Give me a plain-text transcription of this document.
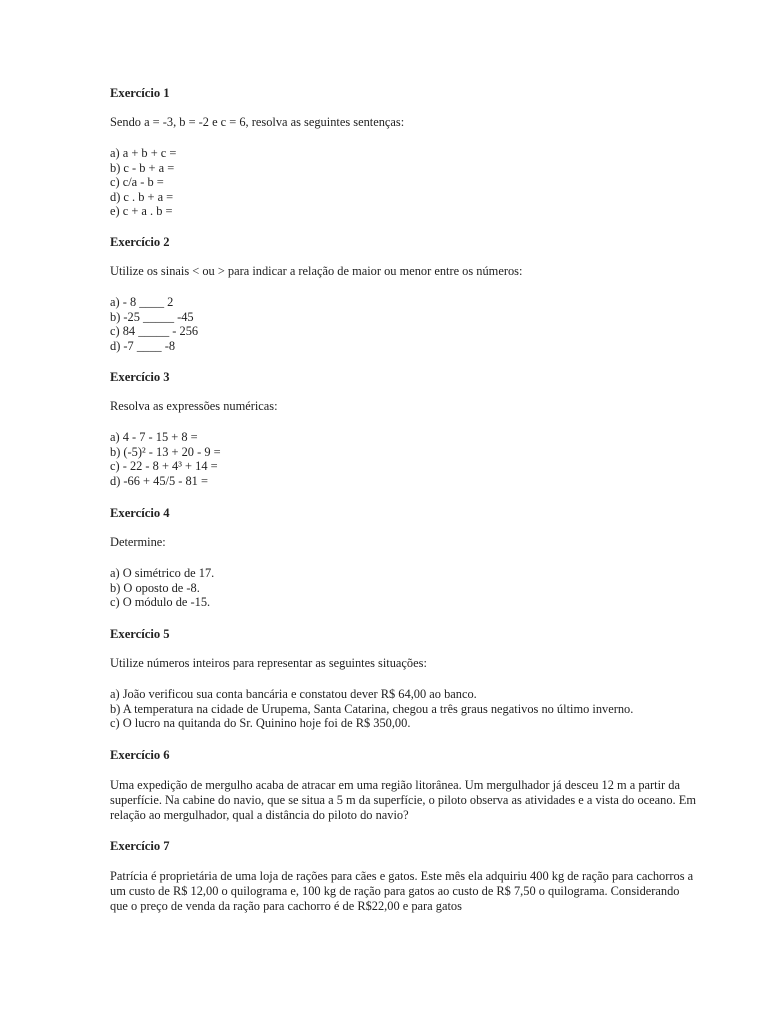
Exercício 1

Sendo a = -3, b = -2 e c = 6, resolva as seguintes sentenças:

a) a + b + c =
b) c - b + a =
c) c/a - b =
d) c . b + a =
e) c + a . b =
Exercício 2

Utilize os sinais < ou > para indicar a relação de maior ou menor entre os números:

a) - 8 ____ 2
b) -25 _____ -45
c) 84 _____ - 256
d) -7 ____ -8
Exercício 3

Resolva as expressões numéricas:

a) 4 - 7 - 15 + 8 =
b) (-5)² - 13 + 20 - 9 =
c) - 22 - 8 + 4³ + 14 =
d) -66 + 45/5 - 81 =
Exercício 4

Determine:

a) O simétrico de 17.
b) O oposto de -8.
c) O módulo de -15.
Exercício 5

Utilize números inteiros para representar as seguintes situações:

a) João verificou sua conta bancária e constatou dever R$ 64,00 ao banco.
b) A temperatura na cidade de Urupema, Santa Catarina, chegou a três graus negativos no último inverno.
c) O lucro na quitanda do Sr. Quinino hoje foi de R$ 350,00.
Exercício 6

Uma expedição de mergulho acaba de atracar em uma região litorânea. Um mergulhador já desceu 12 m a partir da superfície. Na cabine do navio, que se situa a 5 m da superfície, o piloto observa as atividades e a vista do oceano. Em relação ao mergulhador, qual a distância do piloto do navio?

Exercício 7

Patrícia é proprietária de uma loja de rações para cães e gatos. Este mês ela adquiriu 400 kg de ração para cachorros a um custo de R$ 12,00 o quilograma e, 100 kg de ração para gatos ao custo de R$ 7,50 o quilograma. Considerando que o preço de venda da ração para cachorro é de R$22,00 e para gatos
